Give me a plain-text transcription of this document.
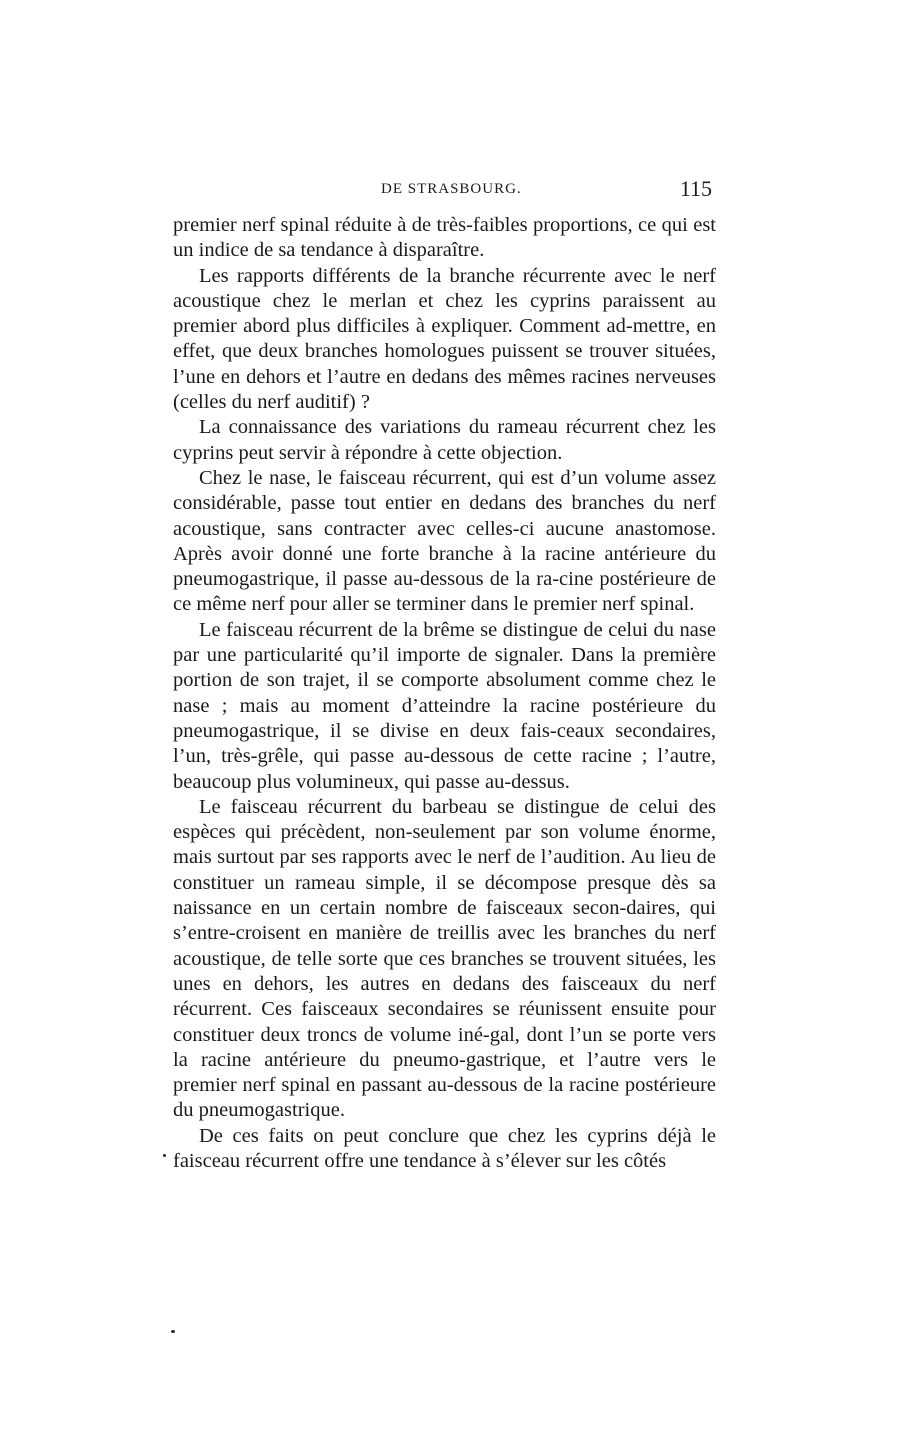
DE STRASBOURG.	115

premier nerf spinal réduite à de très-faibles proportions, ce qui est un indice de sa tendance à disparaître.

Les rapports différents de la branche récurrente avec le nerf acoustique chez le merlan et chez les cyprins paraissent au premier abord plus difficiles à expliquer. Comment ad-mettre, en effet, que deux branches homologues puissent se trouver situées, l’une en dehors et l’autre en dedans des mêmes racines nerveuses (celles du nerf auditif) ?

La connaissance des variations du rameau récurrent chez les cyprins peut servir à répondre à cette objection.

Chez le nase, le faisceau récurrent, qui est d’un volume assez considérable, passe tout entier en dedans des branches du nerf acoustique, sans contracter avec celles-ci aucune anastomose. Après avoir donné une forte branche à la racine antérieure du pneumogastrique, il passe au-dessous de la ra-cine postérieure de ce même nerf pour aller se terminer dans le premier nerf spinal.

Le faisceau récurrent de la brême se distingue de celui du nase par une particularité qu’il importe de signaler. Dans la première portion de son trajet, il se comporte absolument comme chez le nase ; mais au moment d’atteindre la racine postérieure du pneumogastrique, il se divise en deux fais-ceaux secondaires, l’un, très-grêle, qui passe au-dessous de cette racine ; l’autre, beaucoup plus volumineux, qui passe au-dessus.

Le faisceau récurrent du barbeau se distingue de celui des espèces qui précèdent, non-seulement par son volume énorme, mais surtout par ses rapports avec le nerf de l’audition. Au lieu de constituer un rameau simple, il se décompose presque dès sa naissance en un certain nombre de faisceaux secon-daires, qui s’entre-croisent en manière de treillis avec les branches du nerf acoustique, de telle sorte que ces branches se trouvent situées, les unes en dehors, les autres en dedans des faisceaux du nerf récurrent. Ces faisceaux secondaires se réunissent ensuite pour constituer deux troncs de volume iné-gal, dont l’un se porte vers la racine antérieure du pneumo-gastrique, et l’autre vers le premier nerf spinal en passant au-dessous de la racine postérieure du pneumogastrique.

De ces faits on peut conclure que chez les cyprins déjà le faisceau récurrent offre une tendance à s’élever sur les côtés
